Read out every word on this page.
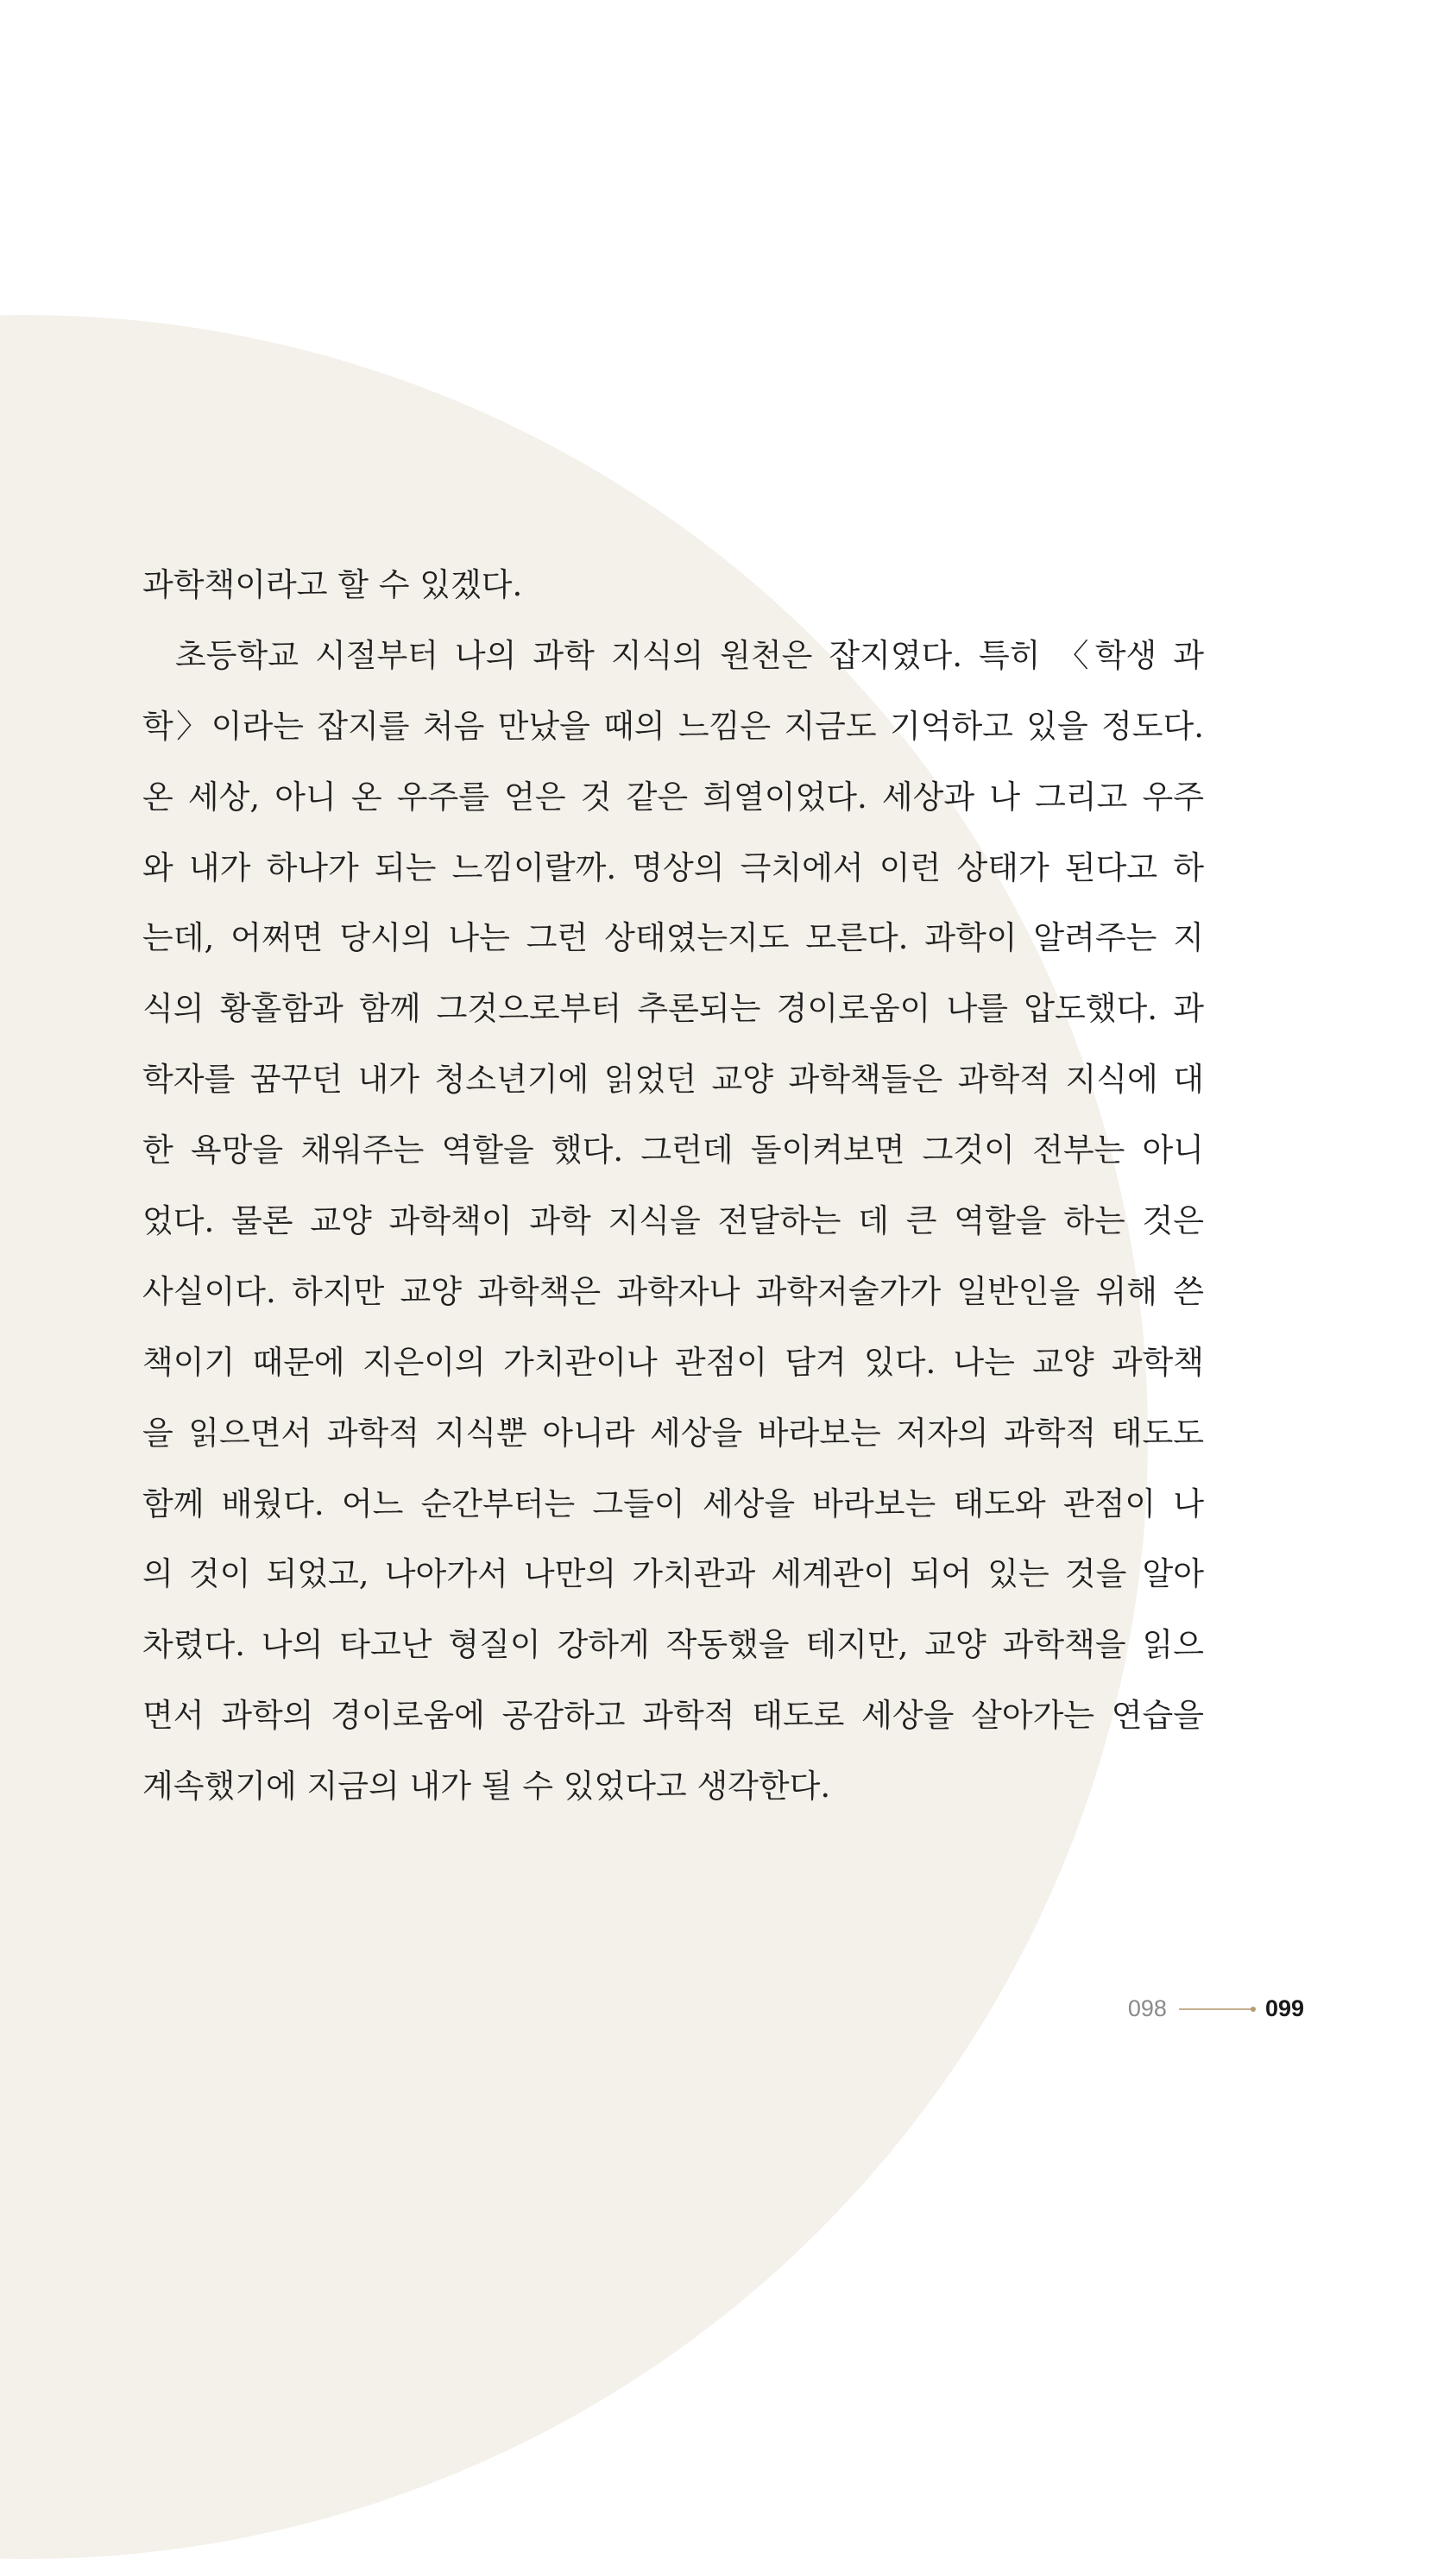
과학책이라고 할 수 있겠다.
초등학교 시절부터 나의 과학 지식의 원천은 잡지였다. 특히 〈학생 과
학〉이라는 잡지를 처음 만났을 때의 느낌은 지금도 기억하고 있을 정도다.
온 세상, 아니 온 우주를 얻은 것 같은 희열이었다. 세상과 나 그리고 우주
와 내가 하나가 되는 느낌이랄까. 명상의 극치에서 이런 상태가 된다고 하
는데, 어쩌면 당시의 나는 그런 상태였는지도 모른다. 과학이 알려주는 지
식의 황홀함과 함께 그것으로부터 추론되는 경이로움이 나를 압도했다. 과
학자를 꿈꾸던 내가 청소년기에 읽었던 교양 과학책들은 과학적 지식에 대
한 욕망을 채워주는 역할을 했다. 그런데 돌이켜보면 그것이 전부는 아니
었다. 물론 교양 과학책이 과학 지식을 전달하는 데 큰 역할을 하는 것은
사실이다. 하지만 교양 과학책은 과학자나 과학저술가가 일반인을 위해 쓴
책이기 때문에 지은이의 가치관이나 관점이 담겨 있다. 나는 교양 과학책
을 읽으면서 과학적 지식뿐 아니라 세상을 바라보는 저자의 과학적 태도도
함께 배웠다. 어느 순간부터는 그들이 세상을 바라보는 태도와 관점이 나
의 것이 되었고, 나아가서 나만의 가치관과 세계관이 되어 있는 것을 알아
차렸다. 나의 타고난 형질이 강하게 작동했을 테지만, 교양 과학책을 읽으
면서 과학의 경이로움에 공감하고 과학적 태도로 세상을 살아가는 연습을
계속했기에 지금의 내가 될 수 있었다고 생각한다.
098	099
